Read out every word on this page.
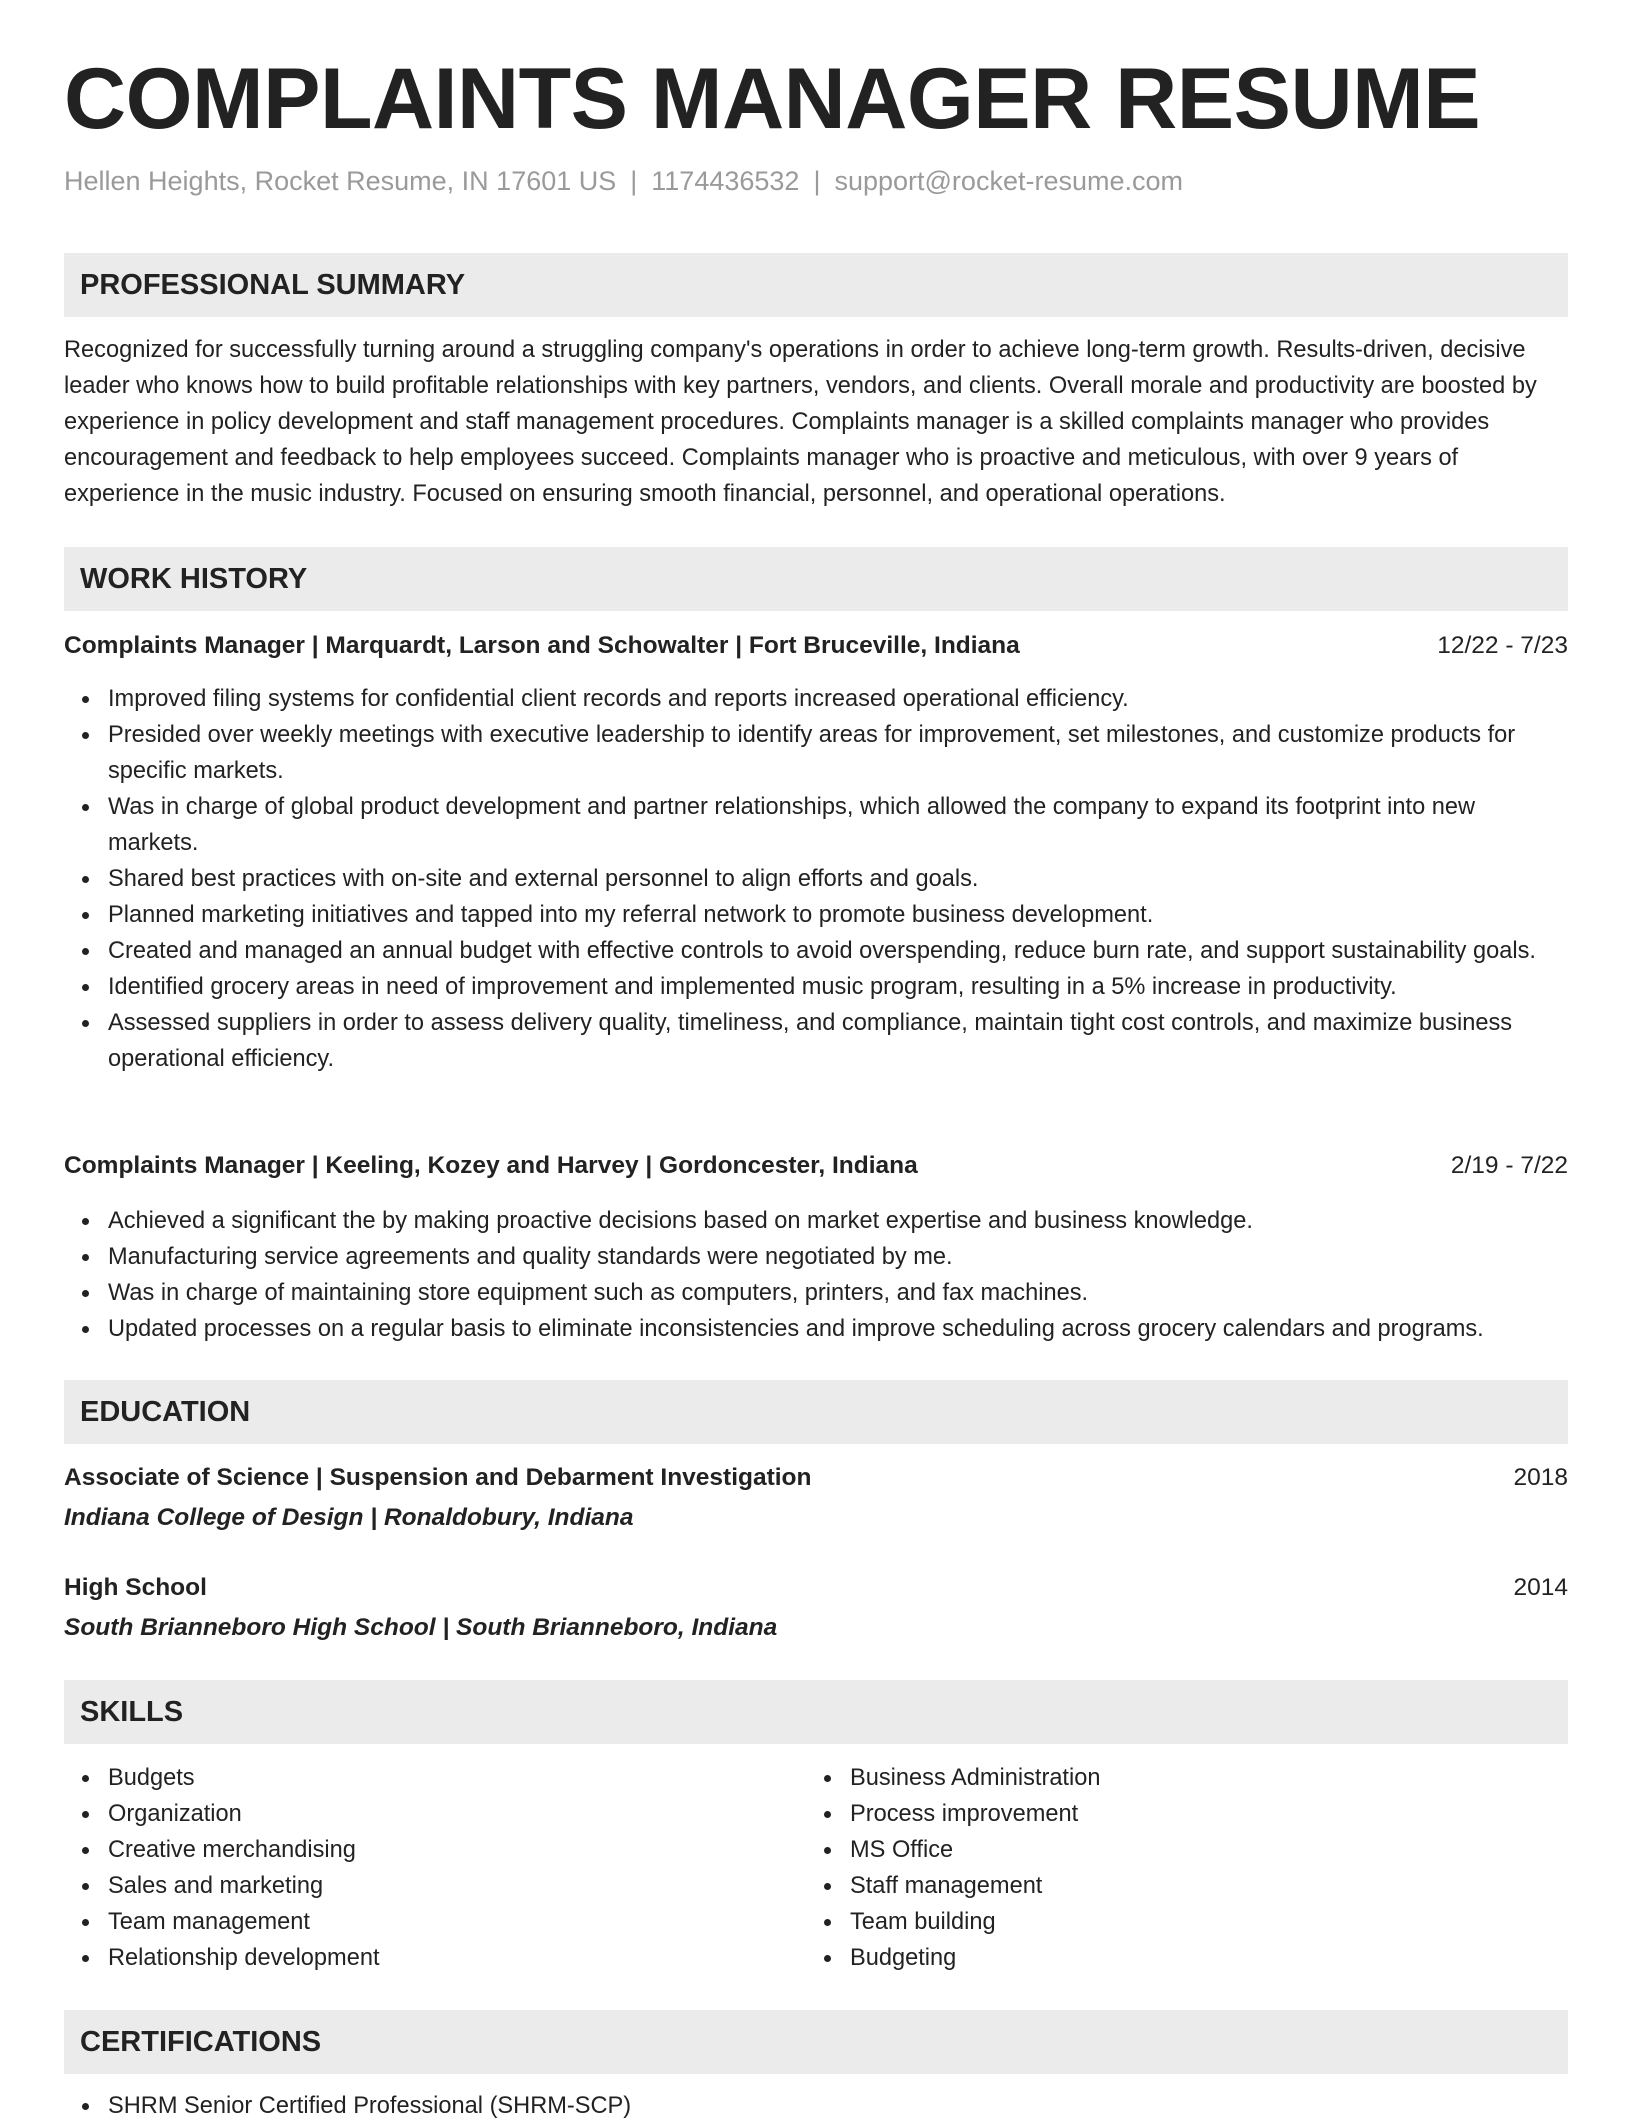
COMPLAINTS MANAGER RESUME
Hellen Heights, Rocket Resume, IN 17601 US | 1174436532 | support@rocket-resume.com
PROFESSIONAL SUMMARY

Recognized for successfully turning around a struggling company's operations in order to achieve long-term growth. Results-driven, decisive leader who knows how to build profitable relationships with key partners, vendors, and clients. Overall morale and productivity are boosted by experience in policy development and staff management procedures. Complaints manager is a skilled complaints manager who provides encouragement and feedback to help employees succeed. Complaints manager who is proactive and meticulous, with over 9 years of experience in the music industry. Focused on ensuring smooth financial, personnel, and operational operations.

WORK HISTORY
Complaints Manager | Marquardt, Larson and Schowalter | Fort Bruceville, Indiana	12/22 - 7/23
Improved filing systems for confidential client records and reports increased operational efficiency.
Presided over weekly meetings with executive leadership to identify areas for improvement, set milestones, and customize products for specific markets.
Was in charge of global product development and partner relationships, which allowed the company to expand its footprint into new markets.
Shared best practices with on-site and external personnel to align efforts and goals.
Planned marketing initiatives and tapped into my referral network to promote business development.
Created and managed an annual budget with effective controls to avoid overspending, reduce burn rate, and support sustainability goals.
Identified grocery areas in need of improvement and implemented music program, resulting in a 5% increase in productivity.
Assessed suppliers in order to assess delivery quality, timeliness, and compliance, maintain tight cost controls, and maximize business operational efficiency.
Complaints Manager | Keeling, Kozey and Harvey | Gordoncester, Indiana	2/19 - 7/22
Achieved a significant the by making proactive decisions based on market expertise and business knowledge.
Manufacturing service agreements and quality standards were negotiated by me.
Was in charge of maintaining store equipment such as computers, printers, and fax machines.
Updated processes on a regular basis to eliminate inconsistencies and improve scheduling across grocery calendars and programs.
EDUCATION
Associate of Science | Suspension and Debarment Investigation	2018
Indiana College of Design | Ronaldobury, Indiana
High School	2014
South Brianneboro High School | South Brianneboro, Indiana
SKILLS
Budgets
Organization
Creative merchandising
Sales and marketing
Team management
Relationship development
Business Administration
Process improvement
MS Office
Staff management
Team building
Budgeting
CERTIFICATIONS
SHRM Senior Certified Professional (SHRM-SCP)
